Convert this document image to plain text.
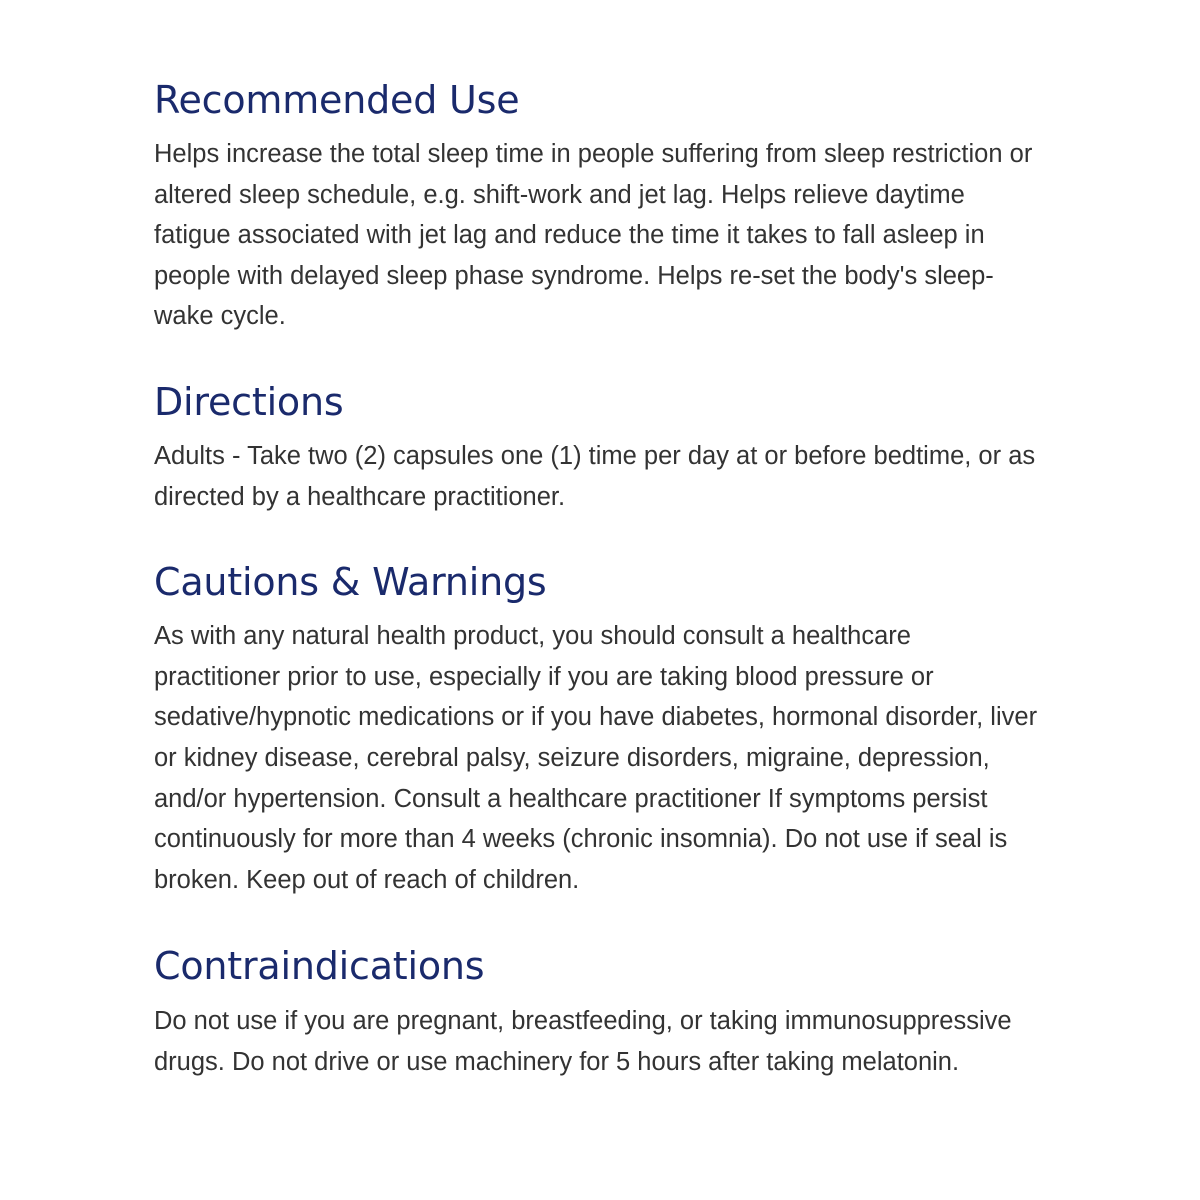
Recommended Use

Helps increase the total sleep time in people suffering from sleep restriction or altered sleep schedule, e.g. shift-work and jet lag. Helps relieve daytime fatigue associated with jet lag and reduce the time it takes to fall asleep in people with delayed sleep phase syndrome. Helps re-set the body's sleep-wake cycle.

Directions

Adults - Take two (2) capsules one (1) time per day at or before bedtime, or as directed by a healthcare practitioner.

Cautions & Warnings

As with any natural health product, you should consult a healthcare practitioner prior to use, especially if you are taking blood pressure or sedative/hypnotic medications or if you have diabetes, hormonal disorder, liver or kidney disease, cerebral palsy, seizure disorders, migraine, depression, and/or hypertension. Consult a healthcare practitioner If symptoms persist continuously for more than 4 weeks (chronic insomnia). Do not use if seal is broken. Keep out of reach of children.

Contraindications

Do not use if you are pregnant, breastfeeding, or taking immunosuppressive drugs. Do not drive or use machinery for 5 hours after taking melatonin.
